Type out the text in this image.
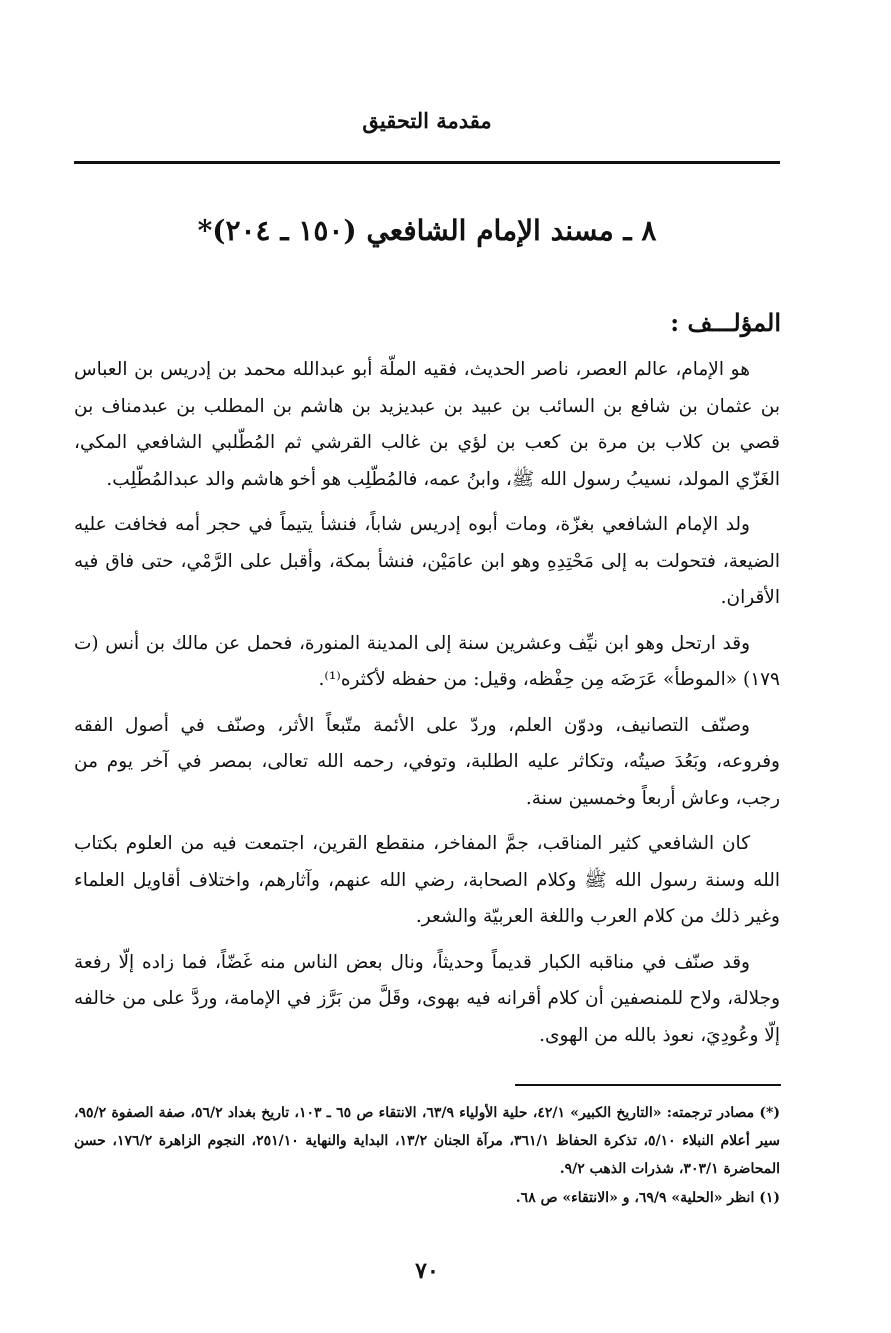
مقدمة التحقيق
٨ ـ مسند الإمام الشافعي (١٥٠ ـ ٢٠٤)*
المؤلـــف :

هو الإمام، عالم العصر، ناصر الحديث، فقيه الملّة أبو عبدالله محمد بن إدريس بن العباس بن عثمان بن شافع بن السائب بن عبيد بن عبديزيد بن هاشم بن المطلب بن عبدمناف بن قصي بن كلاب بن مرة بن كعب بن لؤي بن غالب القرشي ثم المُطّلبي الشافعي المكي، الغَزّي المولد، نسيبُ رسول الله ﷺ، وابنُ عمه، فالمُطّلِب هو أخو هاشم والد عبدالمُطّلِب.

ولد الإمام الشافعي بغزّة، ومات أبوه إدريس شاباً، فنشأ يتيماً في حجر أمه فخافت عليه الضيعة، فتحولت به إلى مَحْتِدِهِ وهو ابن عامَيْن، فنشأ بمكة، وأقبل على الرَّمْي، حتى فاق فيه الأقران.

وقد ارتحل وهو ابن نيِّف وعشرين سنة إلى المدينة المنورة، فحمل عن مالك بن أنس (ت ١٧٩) «الموطأ» عَرَضَه مِن حِفْظه، وقيل: من حفظه لأكثره⁽¹⁾.

وصنّف التصانيف، ودوّن العلم، وردّ على الأئمة متّبعاً الأثر، وصنّف في أصول الفقه وفروعه، وبَعُدَ صيتُه، وتكاثر عليه الطلبة، وتوفي، رحمه الله تعالى، بمصر في آخر يوم من رجب، وعاش أربعاً وخمسين سنة.

كان الشافعي كثير المناقب، جمَّ المفاخر، منقطع القرين، اجتمعت فيه من العلوم بكتاب الله وسنة رسول الله ﷺ وكلام الصحابة، رضي الله عنهم، وآثارهم، واختلاف أقاويل العلماء وغير ذلك من كلام العرب واللغة العربيّة والشعر.

وقد صنّف في مناقبه الكبار قديماً وحديثاً، ونال بعض الناس منه غَضّاً، فما زاده إلّا رفعة وجلالة، ولاح للمنصفين أن كلام أقرانه فيه بهوى، وقَلَّ من بَرَّز في الإمامة، وردَّ على من خالفه إلّا وعُودِيَ، نعوذ بالله من الهوى.

(*) مصادر ترجمته: «التاريخ الكبير» ٤٢/١، حلية الأولياء ٦٣/٩، الانتقاء ص ٦٥ ـ ١٠٣، تاريخ بغداد ٥٦/٢، صفة الصفوة ٩٥/٢، سير أعلام النبلاء ٥/١٠، تذكرة الحفاظ ٣٦١/١، مرآة الجنان ١٣/٢، البداية والنهاية ٢٥١/١٠، النجوم الزاهرة ١٧٦/٢، حسن المحاضرة ٣٠٣/١، شذرات الذهب ٩/٢.

(١) انظر «الحلية» ٦٩/٩، و «الانتقاء» ص ٦٨.

٧٠
